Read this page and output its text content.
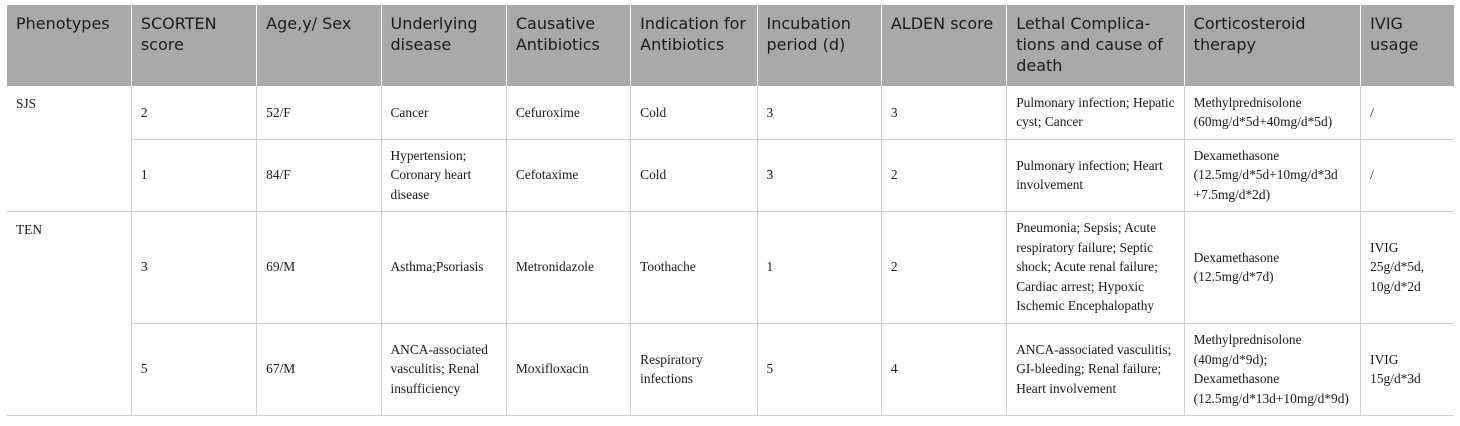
Phenotypes	SCORTEN score	Age,y/ Sex	Underlying disease	Causative Antibiotics	Indication for Antibiotics	Incubation period (d)	ALDEN score	Lethal Complica- tions and cause of death	Corticosteroid therapy	IVIG usage
SJS	2	52/F	Cancer	Cefuroxime	Cold	3	3	Pulmonary infection; Hepatic cyst; Cancer	Methylprednisolone (60mg/d*5d+40mg/d*5d)	/
	1	84/F	Hypertension; Coronary heart disease	Cefotaxime	Cold	3	2	Pulmonary infection; Heart involvement	Dexamethasone (12.5mg/d*5d+10mg/d*3d +7.5mg/d*2d)	/
TEN	3	69/M	Asthma;Psoriasis	Metronidazole	Toothache	1	2	Pneumonia; Sepsis; Acute respiratory failure; Septic shock; Acute renal failure; Cardiac arrest; Hypoxic Ischemic Encephalopathy	Dexamethasone (12.5mg/d*7d)	IVIG 25g/d*5d, 10g/d*2d
	5	67/M	ANCA-associated vasculitis; Renal insufficiency	Moxifloxacin	Respiratory infections	5	4	ANCA-associated vasculitis; GI-bleeding; Renal failure; Heart involvement	Methylprednisolone (40mg/d*9d); Dexamethasone (12.5mg/d*13d+10mg/d*9d)	IVIG 15g/d*3d
